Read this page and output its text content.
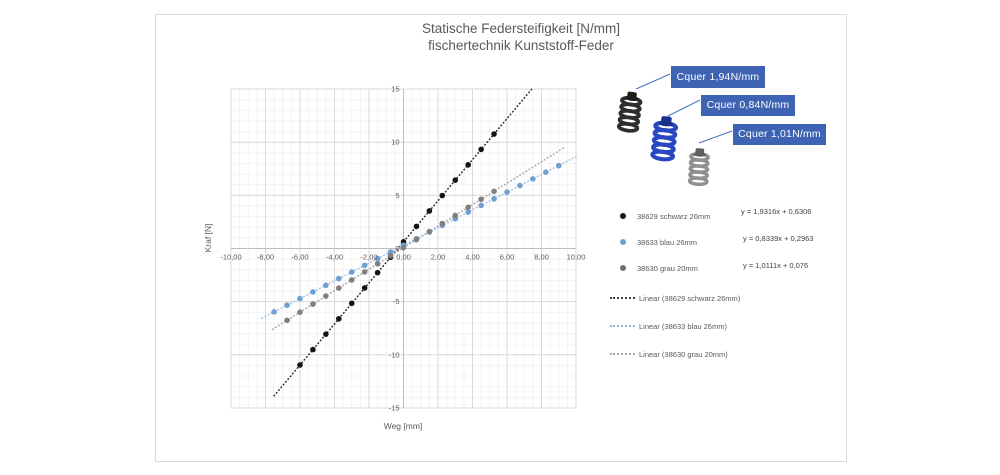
Statische Federsteifigkeit [N/mm]
fischertechnik Kunststoff-Feder
-10,00 -8,00 -6,00 -4,00 -2,00 0,00	2,00	4,00	6,00	8,00 10,00
15
10
5
0
-5
-10
-15
Kraf [N]
Weg [mm]
38629 schwarz 26mm
38633 blau 26mm
38630 grau 20mm
y = 1,9316x + 0,6306
y = 0,8339x + 0,2963
y = 1,0111x + 0,076
Linear (38629 schwarz 26mm)
Linear (38633 blau 26mm)
Linear (38630 grau 20mm)
Cquer 1,94N/mm
Cquer 0,84N/mm
Cquer 1,01N/mm
